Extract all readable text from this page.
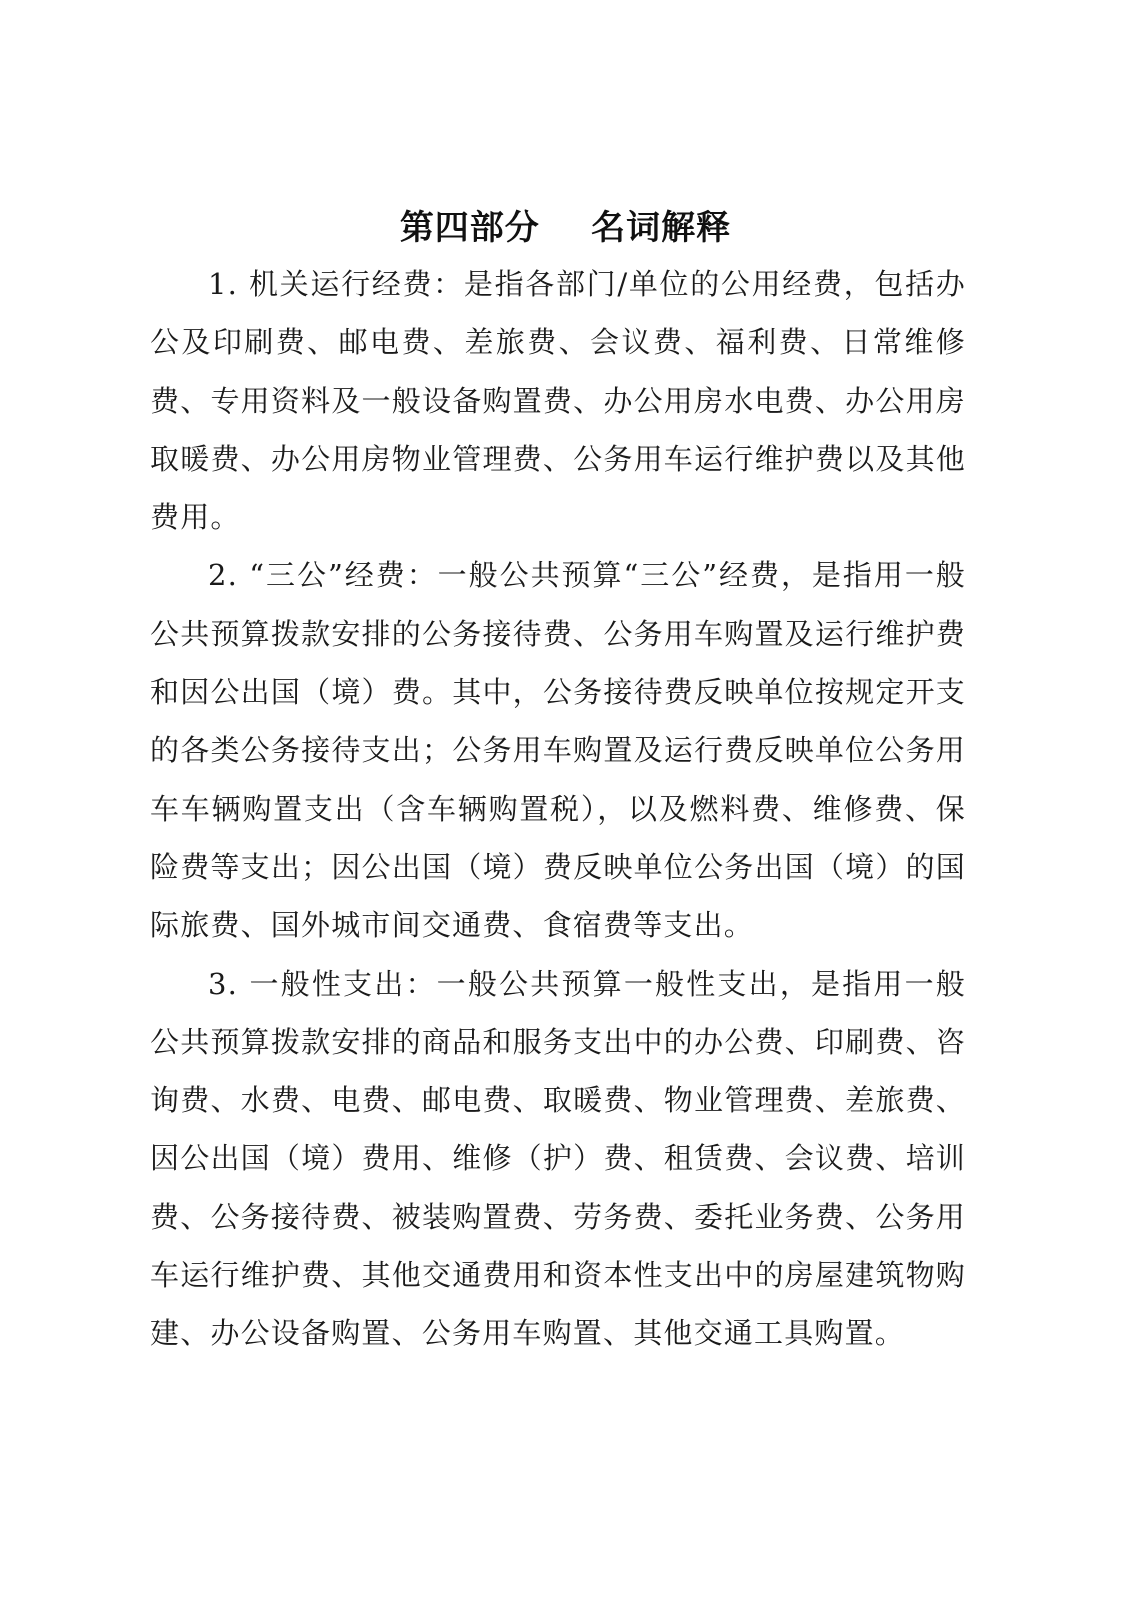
第四部分    名词解释

1. 机关运行经费：是指各部门/单位的公用经费，包括办公及印刷费、邮电费、差旅费、会议费、福利费、日常维修费、专用资料及一般设备购置费、办公用房水电费、办公用房取暖费、办公用房物业管理费、公务用车运行维护费以及其他费用。

2. “三公”经费：一般公共预算“三公”经费，是指用一般公共预算拨款安排的公务接待费、公务用车购置及运行维护费和因公出国（境）费。其中，公务接待费反映单位按规定开支的各类公务接待支出；公务用车购置及运行费反映单位公务用车车辆购置支出（含车辆购置税），以及燃料费、维修费、保险费等支出；因公出国（境）费反映单位公务出国（境）的国际旅费、国外城市间交通费、食宿费等支出。

3. 一般性支出：一般公共预算一般性支出，是指用一般公共预算拨款安排的商品和服务支出中的办公费、印刷费、咨询费、水费、电费、邮电费、取暖费、物业管理费、差旅费、因公出国（境）费用、维修（护）费、租赁费、会议费、培训费、公务接待费、被装购置费、劳务费、委托业务费、公务用车运行维护费、其他交通费用和资本性支出中的房屋建筑物购建、办公设备购置、公务用车购置、其他交通工具购置。
